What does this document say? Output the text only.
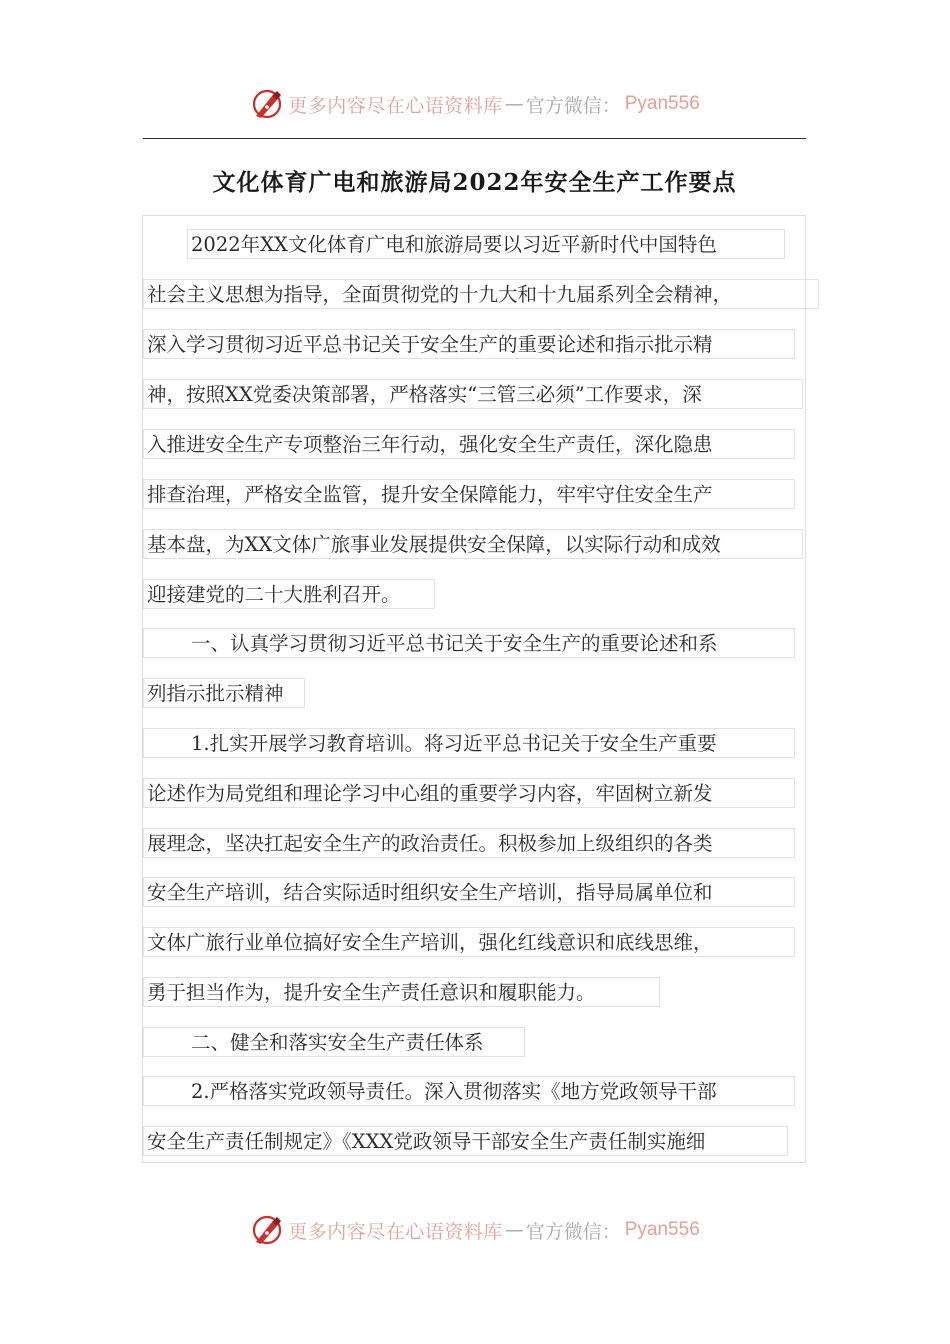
更多内容尽在心语资料库 — 官方微信： Pyan556
文化体育广电和旅游局2022年安全生产工作要点
2022年XX文化体育广电和旅游局要以习近平新时代中国特色
社会主义思想为指导，全面贯彻党的十九大和十九届系列全会精神，
深入学习贯彻习近平总书记关于安全生产的重要论述和指示批示精
神，按照XX党委决策部署，严格落实“三管三必须”工作要求，深
入推进安全生产专项整治三年行动，强化安全生产责任，深化隐患
排查治理，严格安全监管，提升安全保障能力，牢牢守住安全生产
基本盘，为XX文体广旅事业发展提供安全保障，以实际行动和成效
迎接建党的二十大胜利召开。
一、认真学习贯彻习近平总书记关于安全生产的重要论述和系
列指示批示精神
1.扎实开展学习教育培训。将习近平总书记关于安全生产重要
论述作为局党组和理论学习中心组的重要学习内容，牢固树立新发
展理念，坚决扛起安全生产的政治责任。积极参加上级组织的各类
安全生产培训，结合实际适时组织安全生产培训，指导局属单位和
文体广旅行业单位搞好安全生产培训，强化红线意识和底线思维，
勇于担当作为，提升安全生产责任意识和履职能力。
二、健全和落实安全生产责任体系
2.严格落实党政领导责任。深入贯彻落实《地方党政领导干部
安全生产责任制规定》《XXX党政领导干部安全生产责任制实施细
更多内容尽在心语资料库 — 官方微信： Pyan556
